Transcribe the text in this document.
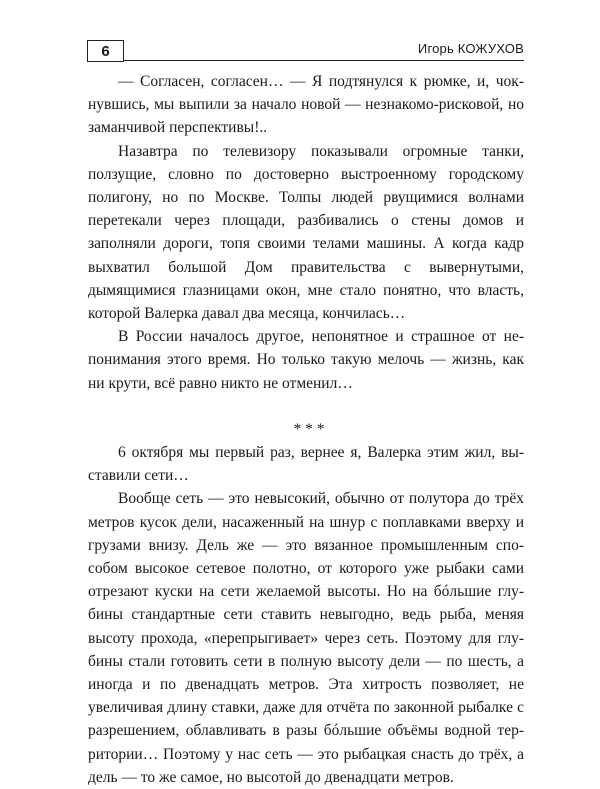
6	Игорь КОЖУХОВ

— Согласен, согласен… — Я подтянулся к рюмке, и, чокнувшись, мы выпили за начало новой — незнакомо-рисковой, но заманчивой перспективы!..

Назавтра по телевизору показывали огромные танки, ползущие, словно по достоверно выстроенному городскому полигону, но по Москве. Толпы людей рвущимися волнами перетекали через площади, разбивались о стены домов и заполняли дороги, топя своими телами машины. А когда кадр выхватил большой Дом правительства с вывернутыми, дымящимися глазницами окон, мне стало понятно, что власть, которой Валерка давал два месяца, кончилась…

В России началось другое, непонятное и страшное от непонимания этого время. Но только такую мелочь — жизнь, как ни крути, всё равно никто не отменил…

* * *

6 октября мы первый раз, вернее я, Валерка этим жил, выставили сети…

Вообще сеть — это невысокий, обычно от полутора до трёх метров кусок дели, насаженный на шнур с поплавками вверху и грузами внизу. Дель же — это вязанное промышленным способом высокое сетевое полотно, от которого уже рыбаки сами отрезают куски на сети желаемой высоты. Но на бóльшие глубины стандартные сети ставить невыгодно, ведь рыба, меняя высоту прохода, «перепрыгивает» через сеть. Поэтому для глубины стали готовить сети в полную высоту дели — по шесть, а иногда и по двенадцать метров. Эта хитрость позволяет, не увеличивая длину ставки, даже для отчёта по законной рыбалке с разрешением, облавливать в разы бóльшие объёмы водной территории… Поэтому у нас сеть — это рыбацкая снасть до трёх, а дель — то же самое, но высотой до двенадцати метров.
